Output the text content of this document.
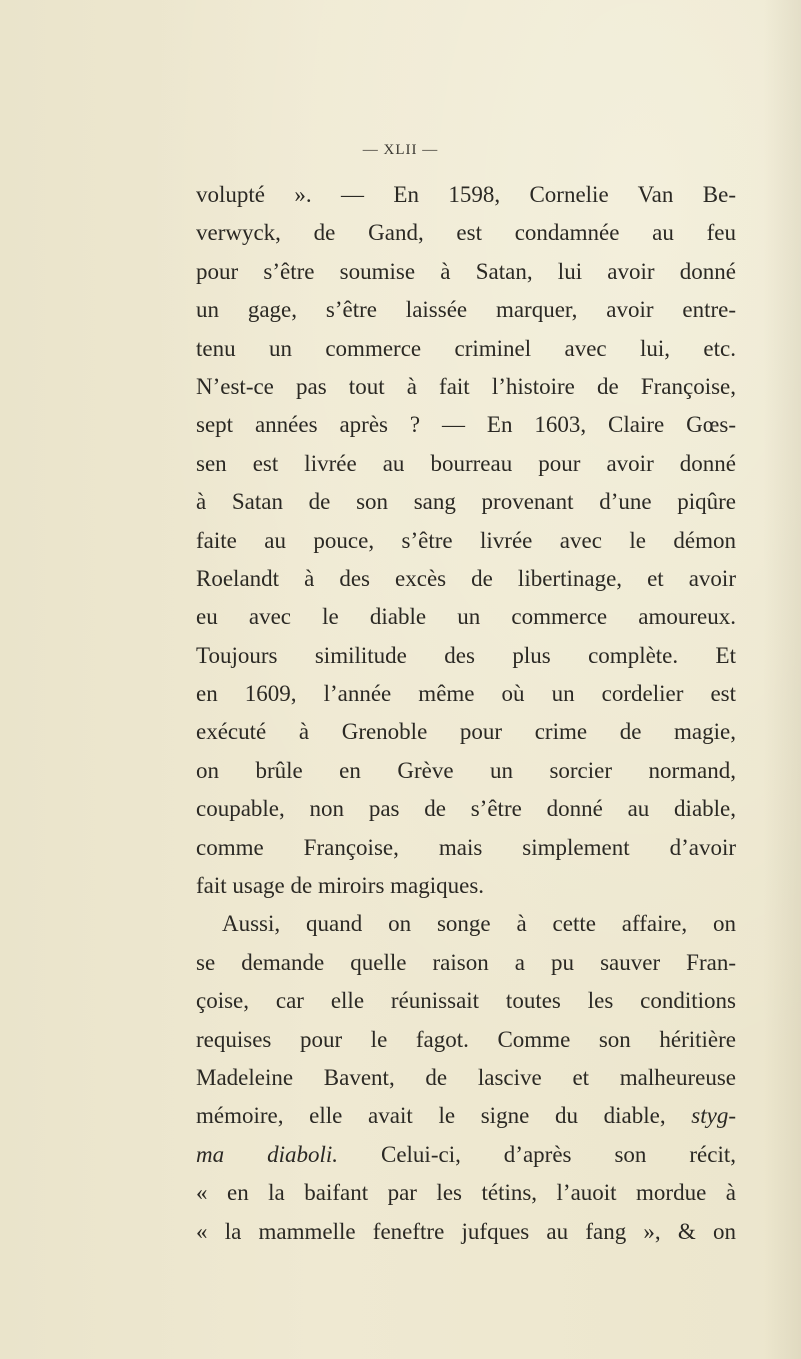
— XLII —
volupté ». — En 1598, Cornelie Van Be-
verwyck, de Gand, est condamnée au feu
pour s’être soumise à Satan, lui avoir donné
un gage, s’être laissée marquer, avoir entre-
tenu un commerce criminel avec lui, etc.
N’est-ce pas tout à fait l’histoire de Françoise,
sept années après ? — En 1603, Claire Gœs-
sen est livrée au bourreau pour avoir donné
à Satan de son sang provenant d’une piqûre
faite au pouce, s’être livrée avec le démon
Roelandt à des excès de libertinage, et avoir
eu avec le diable un commerce amoureux.
Toujours similitude des plus complète. Et
en 1609, l’année même où un cordelier est
exécuté à Grenoble pour crime de magie,
on brûle en Grève un sorcier normand,
coupable, non pas de s’être donné au diable,
comme Françoise, mais simplement d’avoir
fait usage de miroirs magiques.
Aussi, quand on songe à cette affaire, on
se demande quelle raison a pu sauver Fran-
çoise, car elle réunissait toutes les conditions
requises pour le fagot. Comme son héritière
Madeleine Bavent, de lascive et malheureuse
mémoire, elle avait le signe du diable, styg-
ma diaboli. Celui-ci, d’après son récit,
« en la baifant par les tétins, l’auoit mordue à
« la mammelle feneftre jufques au fang », & on
